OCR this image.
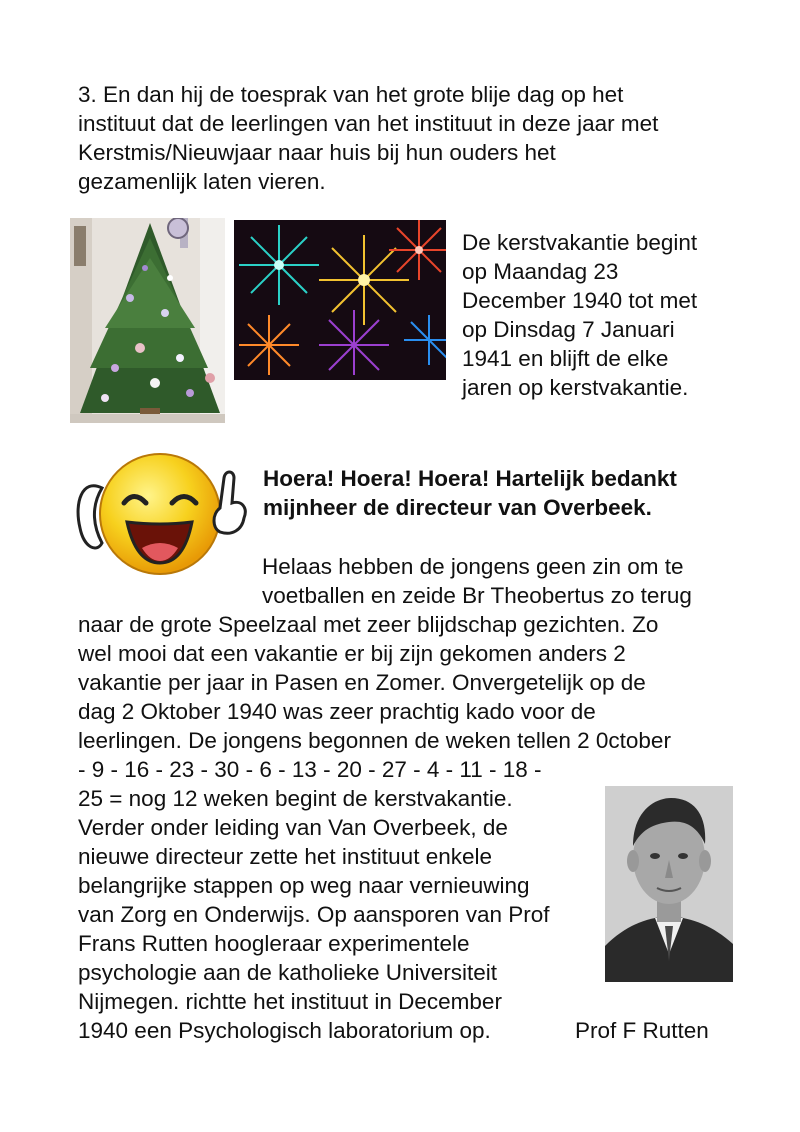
3. En dan hij de toesprak van het grote blije dag op het
instituut dat de leerlingen van het instituut in deze jaar met
Kerstmis/Nieuwjaar naar huis bij hun ouders het
gezamenlijk laten vieren.
De kerstvakantie begint
op Maandag 23
December 1940 tot met
op Dinsdag 7 Januari
1941 en blijft de elke
jaren op kerstvakantie.
Hoera! Hoera! Hoera! Hartelijk bedankt
mijnheer de directeur van Overbeek.
Helaas hebben de jongens geen zin om te
voetballen en zeide Br Theobertus zo terug
naar de grote Speelzaal met zeer blijdschap gezichten. Zo
wel mooi dat een vakantie er bij zijn gekomen anders 2
vakantie per jaar in Pasen en Zomer. Onvergetelijk op de
dag 2 Oktober 1940 was zeer prachtig kado voor de
leerlingen. De jongens begonnen de weken tellen 2 0ctober
- 9 - 16 - 23 - 30 - 6 - 13 - 20 - 27 - 4 - 11 - 18 -
25 = nog 12 weken begint de kerstvakantie.
Verder onder leiding van Van Overbeek, de
nieuwe directeur zette het instituut enkele
belangrijke stappen op weg naar vernieuwing
van Zorg en Onderwijs. Op aansporen van Prof
Frans Rutten hoogleraar experimentele
psychologie aan de katholieke Universiteit
Nijmegen. richtte het instituut in December
1940 een Psychologisch laboratorium op.	Prof F Rutten
